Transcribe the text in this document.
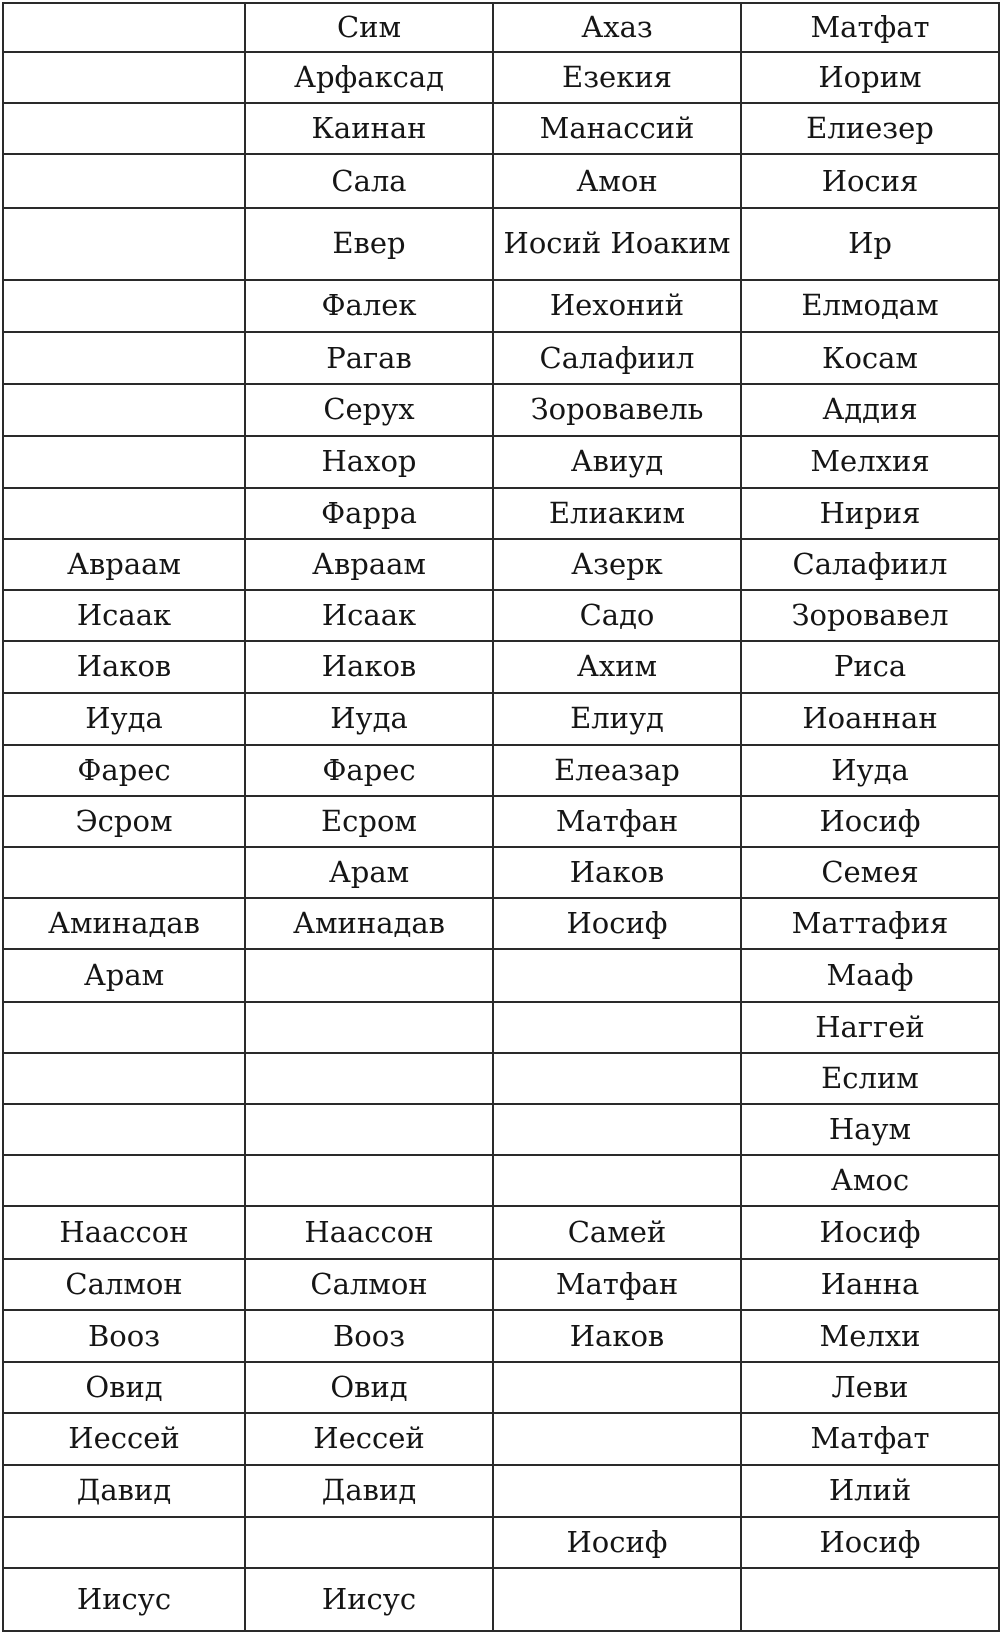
	Сим	Ахаз	Матфат
	Арфаксад	Езекия	Иорим
	Каинан	Манассий	Елиезер
	Сала	Амон	Иосия
	Евер	Иосий Иоаким	Ир
	Фалек	Иехоний	Елмодам
	Рагав	Салафиил	Косам
	Серух	Зоровавель	Аддия
	Нахор	Авиуд	Мелхия
	Фарра	Елиаким	Нирия
Авраам	Авраам	Азерк	Салафиил
Исаак	Исаак	Садо	Зоровавел
Иаков	Иаков	Ахим	Риса
Иуда	Иуда	Елиуд	Иоаннан
Фарес	Фарес	Елеазар	Иуда
Эсром	Есром	Матфан	Иосиф
	Арам	Иаков	Семея
Аминадав	Аминадав	Иосиф	Маттафия
Арам			Мааф
			Наггей
			Еслим
			Наум
			Амос
Наассон	Наассон	Самей	Иосиф
Салмон	Салмон	Матфан	Ианна
Вооз	Вооз	Иаков	Мелхи
Овид	Овид		Леви
Иессей	Иессей		Матфат
Давид	Давид		Илий
		Иосиф	Иосиф
Иисус	Иисус		
